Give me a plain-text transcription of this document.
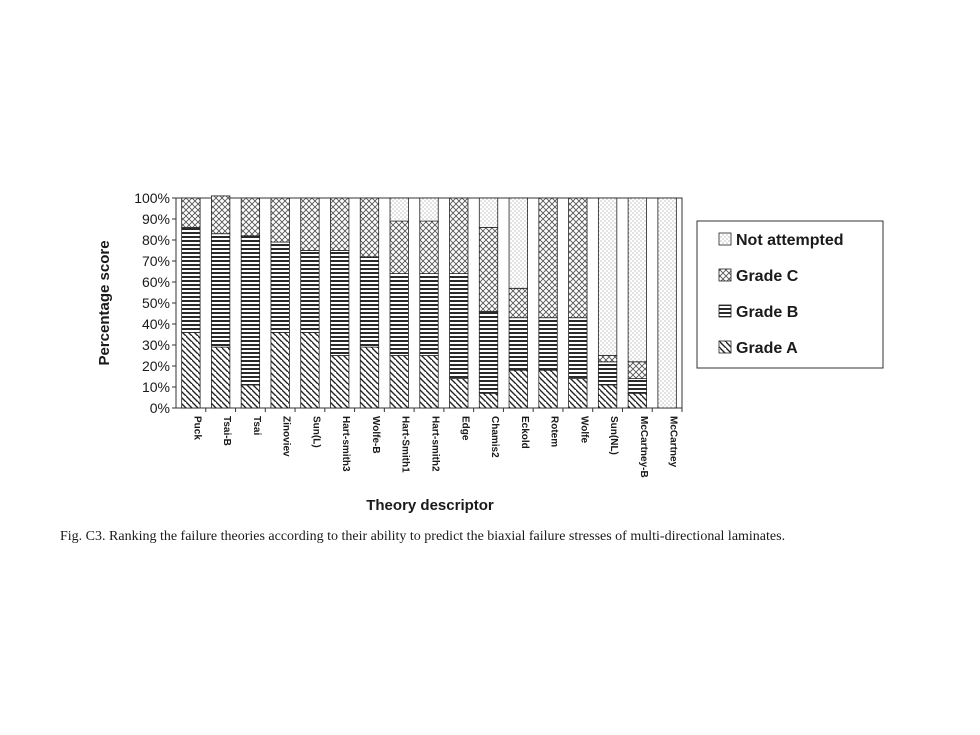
0%
10%
20%
30%
40%
50%
60%
70%
80%
90%
100%
Puck Tsai-B Tsai Zinoviev Sun(L) Hart-smith3 Wolfe-B Hart-Smith1 Hart-smith2 Edge Chamis2 Eckold Rotem Wolfe Sun(NL) McCartney-B McCartney
Percentage score
Theory descriptor
Not attempted
Grade C
Grade B
Grade A
Fig. C3. Ranking the failure theories according to their ability to predict the biaxial failure stresses of multi-directional laminates.
